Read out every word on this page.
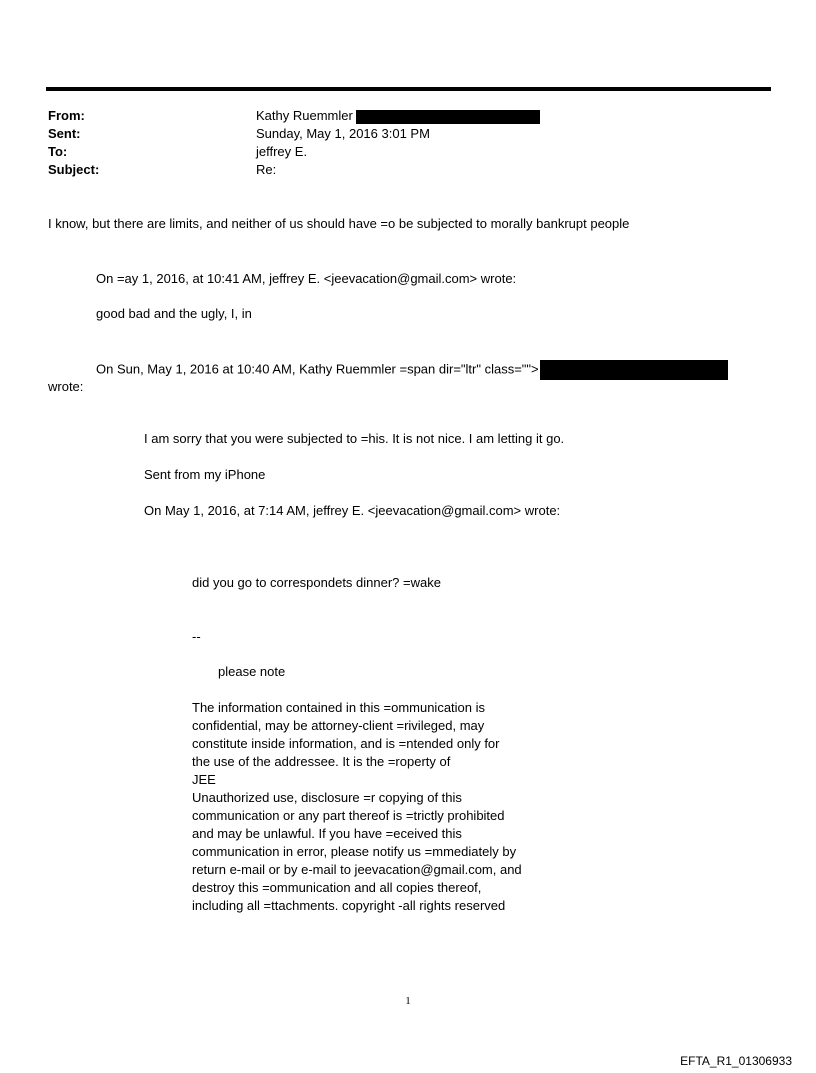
From:	Kathy Ruemmler
Sent:	Sunday, May 1, 2016 3:01 PM
To:	jeffrey E.
Subject:	Re:
I know, but there are limits, and neither of us should have =o be subjected to morally bankrupt people
On =ay 1, 2016, at 10:41 AM, jeffrey E. <jeevacation@gmail.com> wrote:
good bad and the ugly, I, in
On Sun, May 1, 2016 at 10:40 AM, Kathy Ruemmler =span dir="ltr" class="">
wrote:
I am sorry that you were subjected to =his. It is not nice. I am letting it go.
Sent from my iPhone
On May 1, 2016, at 7:14 AM, jeffrey E. <jeevacation@gmail.com> wrote:
did you go to correspondets dinner? =wake
--
please note
The information contained in this =ommunication is
confidential, may be attorney-client =rivileged, may
constitute inside information, and is =ntended only for
the use of the addressee. It is the =roperty of
JEE
Unauthorized use, disclosure =r copying of this
communication or any part thereof is =trictly prohibited
and may be unlawful. If you have =eceived this
communication in error, please notify us =mmediately by
return e-mail or by e-mail to jeevacation@gmail.com, and
destroy this =ommunication and all copies thereof,
including all =ttachments. copyright -all rights reserved
1
EFTA_R1_01306933
